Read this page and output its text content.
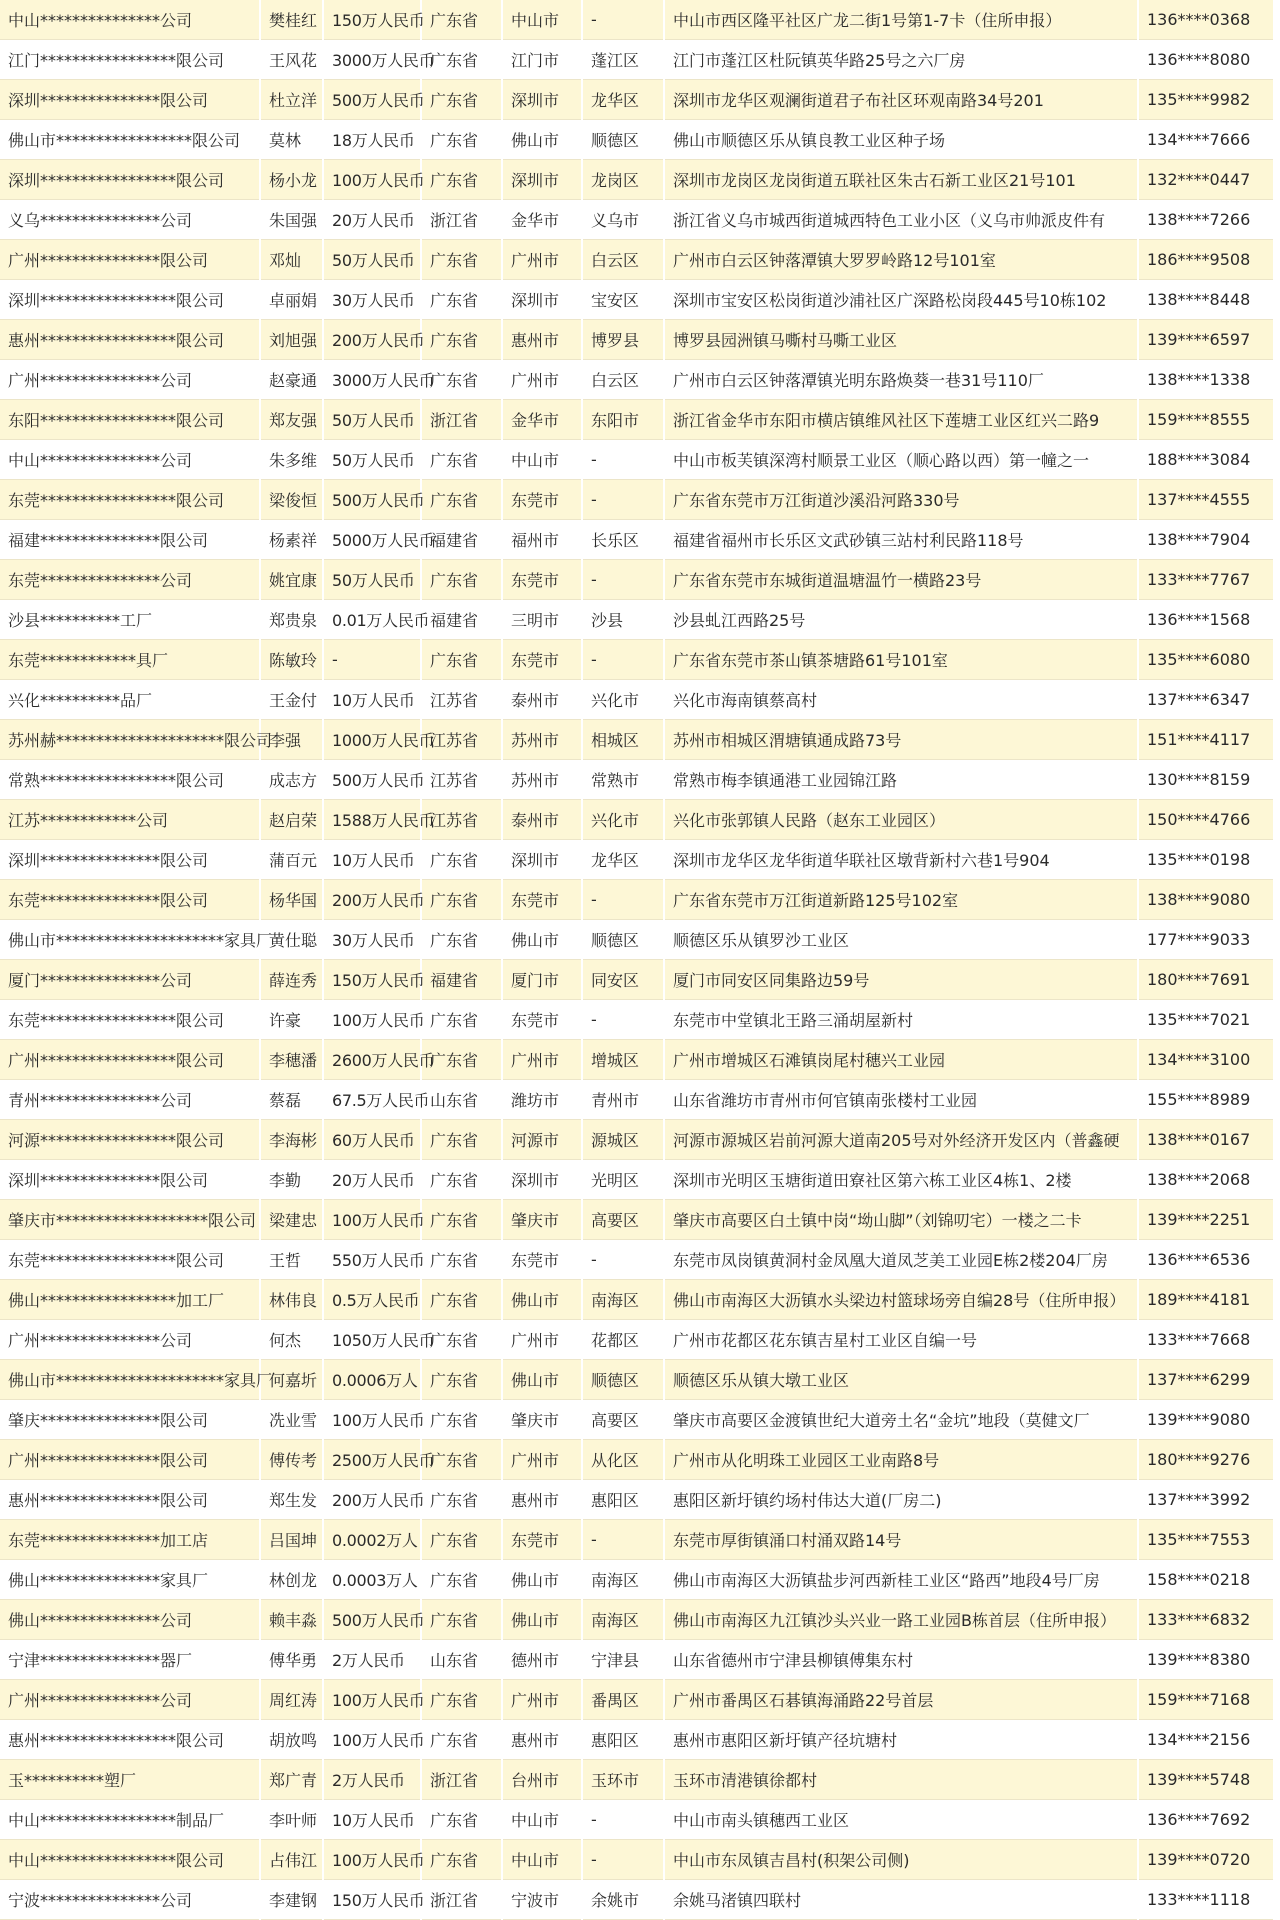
中山***************公司	樊桂红	150万人民币	广东省	中山市	-	中山市西区隆平社区广龙二街1号第1-7卡（住所申报）	136****0368
江门*****************限公司	王风花	3000万人民币	广东省	江门市	蓬江区	江门市蓬江区杜阮镇英华路25号之六厂房	136****8080
深圳***************限公司	杜立洋	500万人民币	广东省	深圳市	龙华区	深圳市龙华区观澜街道君子布社区环观南路34号201	135****9982
佛山市*****************限公司	莫林	18万人民币	广东省	佛山市	顺德区	佛山市顺德区乐从镇良教工业区种子场	134****7666
深圳*****************限公司	杨小龙	100万人民币	广东省	深圳市	龙岗区	深圳市龙岗区龙岗街道五联社区朱古石新工业区21号101	132****0447
义乌***************公司	朱国强	20万人民币	浙江省	金华市	义乌市	浙江省义乌市城西街道城西特色工业小区（义乌市帅派皮件有	138****7266
广州***************限公司	邓灿	50万人民币	广东省	广州市	白云区	广州市白云区钟落潭镇大罗罗岭路12号101室	186****9508
深圳*****************限公司	卓丽娟	30万人民币	广东省	深圳市	宝安区	深圳市宝安区松岗街道沙浦社区广深路松岗段445号10栋102	138****8448
惠州*****************限公司	刘旭强	200万人民币	广东省	惠州市	博罗县	博罗县园洲镇马嘶村马嘶工业区	139****6597
广州***************公司	赵豪通	3000万人民币	广东省	广州市	白云区	广州市白云区钟落潭镇光明东路焕葵一巷31号110厂	138****1338
东阳*****************限公司	郑友强	50万人民币	浙江省	金华市	东阳市	浙江省金华市东阳市横店镇维风社区下莲塘工业区红兴二路9	159****8555
中山***************公司	朱多维	50万人民币	广东省	中山市	-	中山市板芙镇深湾村顺景工业区（顺心路以西）第一幢之一	188****3084
东莞*****************限公司	梁俊恒	500万人民币	广东省	东莞市	-	广东省东莞市万江街道沙溪沿河路330号	137****4555
福建***************限公司	杨素祥	5000万人民币	福建省	福州市	长乐区	福建省福州市长乐区文武砂镇三站村利民路118号	138****7904
东莞***************公司	姚宜康	50万人民币	广东省	东莞市	-	广东省东莞市东城街道温塘温竹一横路23号	133****7767
沙县**********工厂	郑贵泉	0.01万人民币	福建省	三明市	沙县	沙县虬江西路25号	136****1568
东莞************具厂	陈敏玲	-	广东省	东莞市	-	广东省东莞市茶山镇茶塘路61号101室	135****6080
兴化**********品厂	王金付	10万人民币	江苏省	泰州市	兴化市	兴化市海南镇蔡高村	137****6347
苏州赫*********************限公司	李强	1000万人民币	江苏省	苏州市	相城区	苏州市相城区渭塘镇通成路73号	151****4117
常熟*****************限公司	成志方	500万人民币	江苏省	苏州市	常熟市	常熟市梅李镇通港工业园锦江路	130****8159
江苏************公司	赵启荣	1588万人民币	江苏省	泰州市	兴化市	兴化市张郭镇人民路（赵东工业园区）	150****4766
深圳***************限公司	蒲百元	10万人民币	广东省	深圳市	龙华区	深圳市龙华区龙华街道华联社区墩背新村六巷1号904	135****0198
东莞***************限公司	杨华国	200万人民币	广东省	东莞市	-	广东省东莞市万江街道新路125号102室	138****9080
佛山市*********************家具厂	黄仕聪	30万人民币	广东省	佛山市	顺德区	顺德区乐从镇罗沙工业区	177****9033
厦门***************公司	薛连秀	150万人民币	福建省	厦门市	同安区	厦门市同安区同集路边59号	180****7691
东莞*****************限公司	许豪	100万人民币	广东省	东莞市	-	东莞市中堂镇北王路三涌胡屋新村	135****7021
广州*****************限公司	李穗潘	2600万人民币	广东省	广州市	增城区	广州市增城区石滩镇岗尾村穗兴工业园	134****3100
青州***************公司	蔡磊	67.5万人民币	山东省	潍坊市	青州市	山东省潍坊市青州市何官镇南张楼村工业园	155****8989
河源*****************限公司	李海彬	60万人民币	广东省	河源市	源城区	河源市源城区岩前河源大道南205号对外经济开发区内（普鑫硬	138****0167
深圳***************限公司	李勤	20万人民币	广东省	深圳市	光明区	深圳市光明区玉塘街道田寮社区第六栋工业区4栋1、2楼	138****2068
肇庆市*******************限公司	梁建忠	100万人民币	广东省	肇庆市	高要区	肇庆市高要区白土镇中岗“坳山脚”（刘锦叨宅）一楼之二卡	139****2251
东莞*****************限公司	王哲	550万人民币	广东省	东莞市	-	东莞市凤岗镇黄洞村金凤凰大道凤芝美工业园E栋2楼204厂房	136****6536
佛山*****************加工厂	林伟良	0.5万人民币	广东省	佛山市	南海区	佛山市南海区大沥镇水头梁边村篮球场旁自编28号（住所申报）	189****4181
广州***************公司	何杰	1050万人民币	广东省	广州市	花都区	广州市花都区花东镇吉星村工业区自编一号	133****7668
佛山市*********************家具厂	何嘉圻	0.0006万人	广东省	佛山市	顺德区	顺德区乐从镇大墩工业区	137****6299
肇庆***************限公司	冼业雪	100万人民币	广东省	肇庆市	高要区	肇庆市高要区金渡镇世纪大道旁土名“金坑”地段（莫健文厂	139****9080
广州***************限公司	傅传考	2500万人民币	广东省	广州市	从化区	广州市从化明珠工业园区工业南路8号	180****9276
惠州***************限公司	郑生发	200万人民币	广东省	惠州市	惠阳区	惠阳区新圩镇约场村伟达大道(厂房二)	137****3992
东莞***************加工店	吕国坤	0.0002万人	广东省	东莞市	-	东莞市厚街镇涌口村涌双路14号	135****7553
佛山***************家具厂	林创龙	0.0003万人	广东省	佛山市	南海区	佛山市南海区大沥镇盐步河西新桂工业区“路西”地段4号厂房	158****0218
佛山***************公司	赖丰淼	500万人民币	广东省	佛山市	南海区	佛山市南海区九江镇沙头兴业一路工业园B栋首层（住所申报）	133****6832
宁津***************器厂	傅华勇	2万人民币	山东省	德州市	宁津县	山东省德州市宁津县柳镇傅集东村	139****8380
广州***************公司	周红涛	100万人民币	广东省	广州市	番禺区	广州市番禺区石碁镇海涌路22号首层	159****7168
惠州*****************限公司	胡放鸣	100万人民币	广东省	惠州市	惠阳区	惠州市惠阳区新圩镇产径坑塘村	134****2156
玉**********塑厂	郑广青	2万人民币	浙江省	台州市	玉环市	玉环市清港镇徐都村	139****5748
中山*****************制品厂	李叶师	10万人民币	广东省	中山市	-	中山市南头镇穗西工业区	136****7692
中山*****************限公司	占伟江	100万人民币	广东省	中山市	-	中山市东凤镇吉昌村(积架公司侧)	139****0720
宁波***************公司	李建钢	150万人民币	浙江省	宁波市	余姚市	余姚马渚镇四联村	133****1118
